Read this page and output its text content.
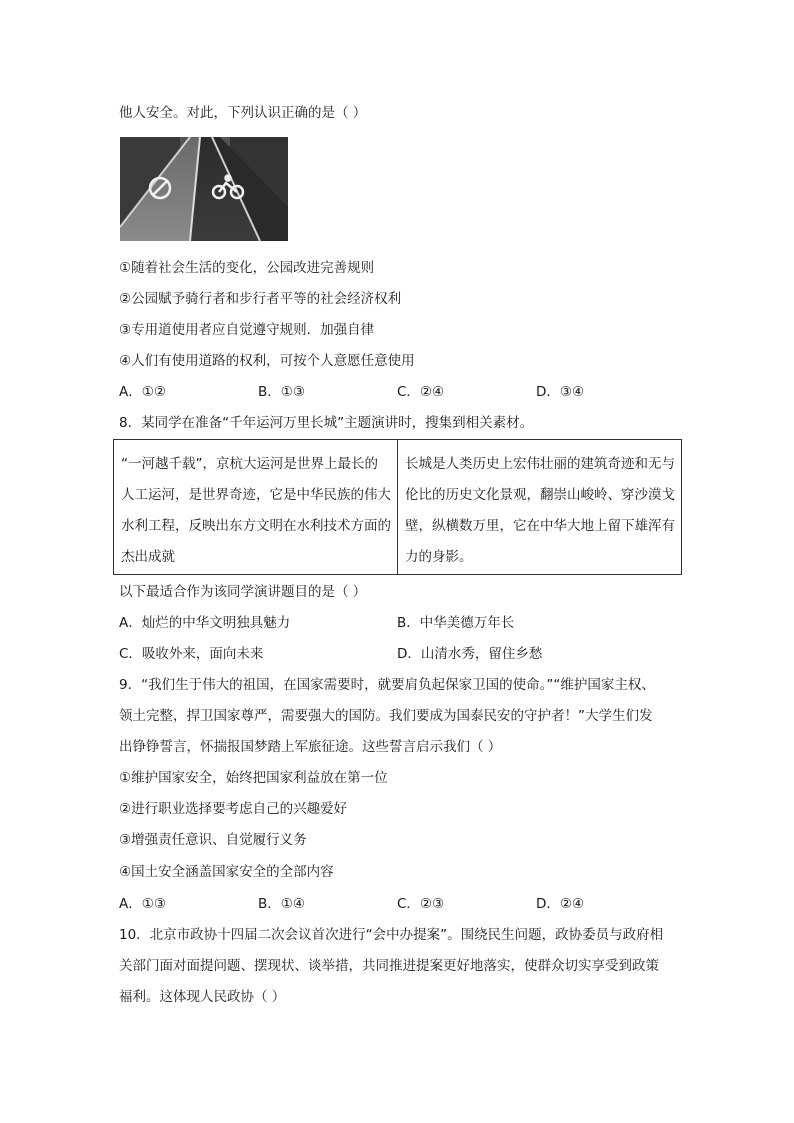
他人安全。对此，下列认识正确的是（ ）
①随着社会生活的变化，公园改进完善规则
②公园赋予骑行者和步行者平等的社会经济权利
③专用道使用者应自觉遵守规则．加强自律
④人们有使用道路的权利，可按个人意愿任意使用
A．①②	B．①③	C．②④	D．③④
8．某同学在准备“千年运河万里长城”主题演讲时，搜集到相关素材。
“一河越千载”，京杭大运河是世界上最长的人工运河，是世界奇迹，它是中华民族的伟大水利工程，反映出东方文明在水利技术方面的杰出成就	长城是人类历史上宏伟壮丽的建筑奇迹和无与伦比的历史文化景观，翻崇山峻岭、穿沙漠戈壁，纵横数万里，它在中华大地上留下雄浑有力的身影。
以下最适合作为该同学演讲题目的是（ ）
A．灿烂的中华文明独具魅力	B．中华美德万年长
C．吸收外来，面向未来	D．山清水秀，留住乡愁
9．“我们生于伟大的祖国，在国家需要时，就要肩负起保家卫国的使命。”“维护国家主权、
领土完整，捍卫国家尊严，需要强大的国防。我们要成为国泰民安的守护者！”大学生们发
出铮铮誓言，怀揣报国梦踏上军旅征途。这些誓言启示我们（ ）
①维护国家安全，始终把国家利益放在第一位
②进行职业选择要考虑自己的兴趣爱好
③增强责任意识、自觉履行义务
④国土安全涵盖国家安全的全部内容
A．①③	B．①④	C．②③	D．②④
10．北京市政协十四届二次会议首次进行“会中办提案”。围绕民生问题，政协委员与政府相
关部门面对面提问题、摆现状、谈举措，共同推进提案更好地落实，使群众切实享受到政策
福利。这体现人民政协（ ）
